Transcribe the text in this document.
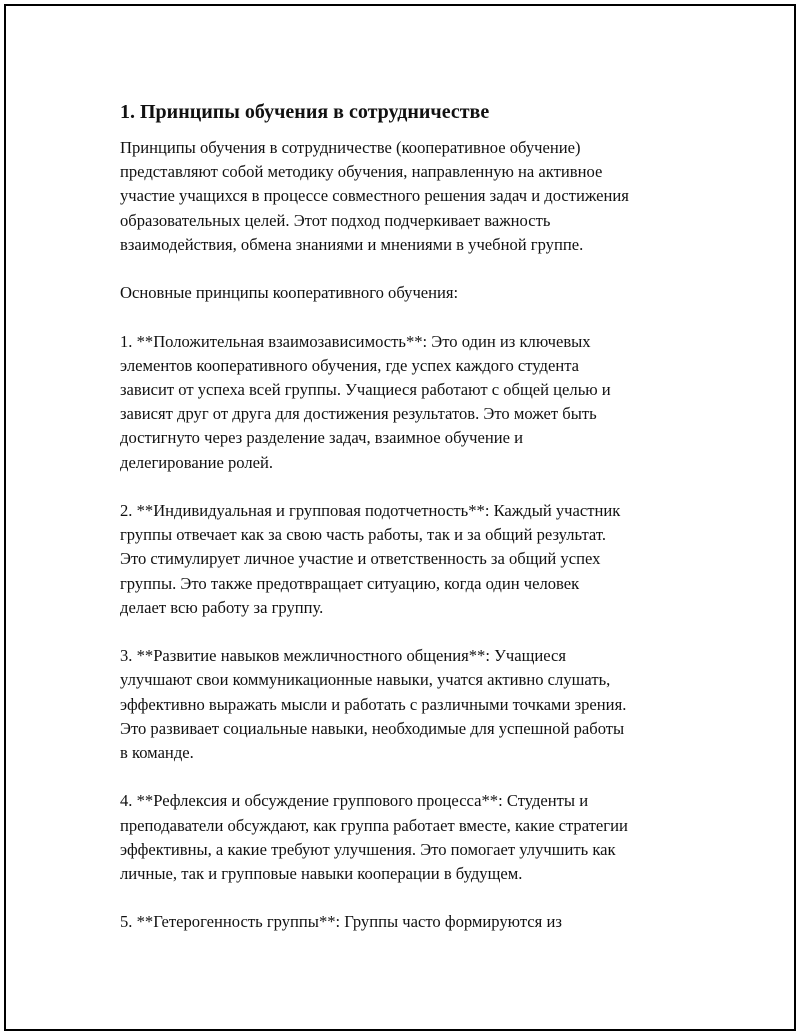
1. Принципы обучения в сотрудничестве

Принципы обучения в сотрудничестве (кооперативное обучение)
представляют собой методику обучения, направленную на активное
участие учащихся в процессе совместного решения задач и достижения
образовательных целей. Этот подход подчеркивает важность
взаимодействия, обмена знаниями и мнениями в учебной группе.

Основные принципы кооперативного обучения:

1. **Положительная взаимозависимость**: Это один из ключевых
элементов кооперативного обучения, где успех каждого студента
зависит от успеха всей группы. Учащиеся работают с общей целью и
зависят друг от друга для достижения результатов. Это может быть
достигнуто через разделение задач, взаимное обучение и
делегирование ролей.

2. **Индивидуальная и групповая подотчетность**: Каждый участник
группы отвечает как за свою часть работы, так и за общий результат.
Это стимулирует личное участие и ответственность за общий успех
группы. Это также предотвращает ситуацию, когда один человек
делает всю работу за группу.

3. **Развитие навыков межличностного общения**: Учащиеся
улучшают свои коммуникационные навыки, учатся активно слушать,
эффективно выражать мысли и работать с различными точками зрения.
Это развивает социальные навыки, необходимые для успешной работы
в команде.

4. **Рефлексия и обсуждение группового процесса**: Студенты и
преподаватели обсуждают, как группа работает вместе, какие стратегии
эффективны, а какие требуют улучшения. Это помогает улучшить как
личные, так и групповые навыки кооперации в будущем.

5. **Гетерогенность группы**: Группы часто формируются из
